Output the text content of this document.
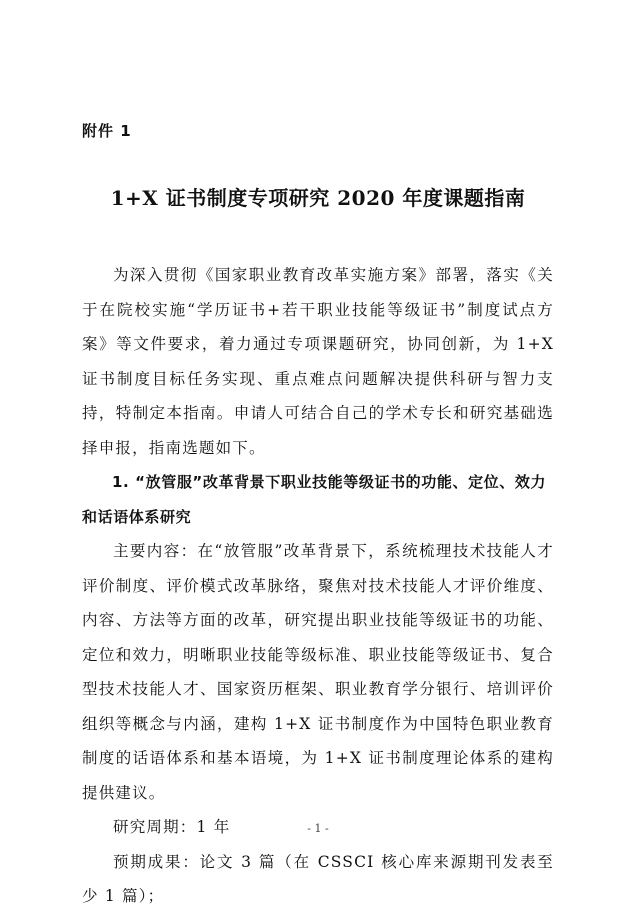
附件 1
1+X 证书制度专项研究 2020 年度课题指南

为深入贯彻《国家职业教育改革实施方案》部署，落实《关于在院校实施“学历证书+若干职业技能等级证书”制度试点方案》等文件要求，着力通过专项课题研究，协同创新，为 1+X 证书制度目标任务实现、重点难点问题解决提供科研与智力支持，特制定本指南。申请人可结合自己的学术专长和研究基础选择申报，指南选题如下。

1. “放管服”改革背景下职业技能等级证书的功能、定位、效力和话语体系研究

主要内容：在“放管服”改革背景下，系统梳理技术技能人才评价制度、评价模式改革脉络，聚焦对技术技能人才评价维度、内容、方法等方面的改革，研究提出职业技能等级证书的功能、定位和效力，明晰职业技能等级标准、职业技能等级证书、复合型技术技能人才、国家资历框架、职业教育学分银行、培训评价组织等概念与内涵，建构 1+X 证书制度作为中国特色职业教育制度的话语体系和基本语境，为 1+X 证书制度理论体系的建构提供建议。

研究周期：1 年

预期成果：论文 3 篇（在 CSSCI 核心库来源期刊发表至少 1 篇）；

- 1 -
